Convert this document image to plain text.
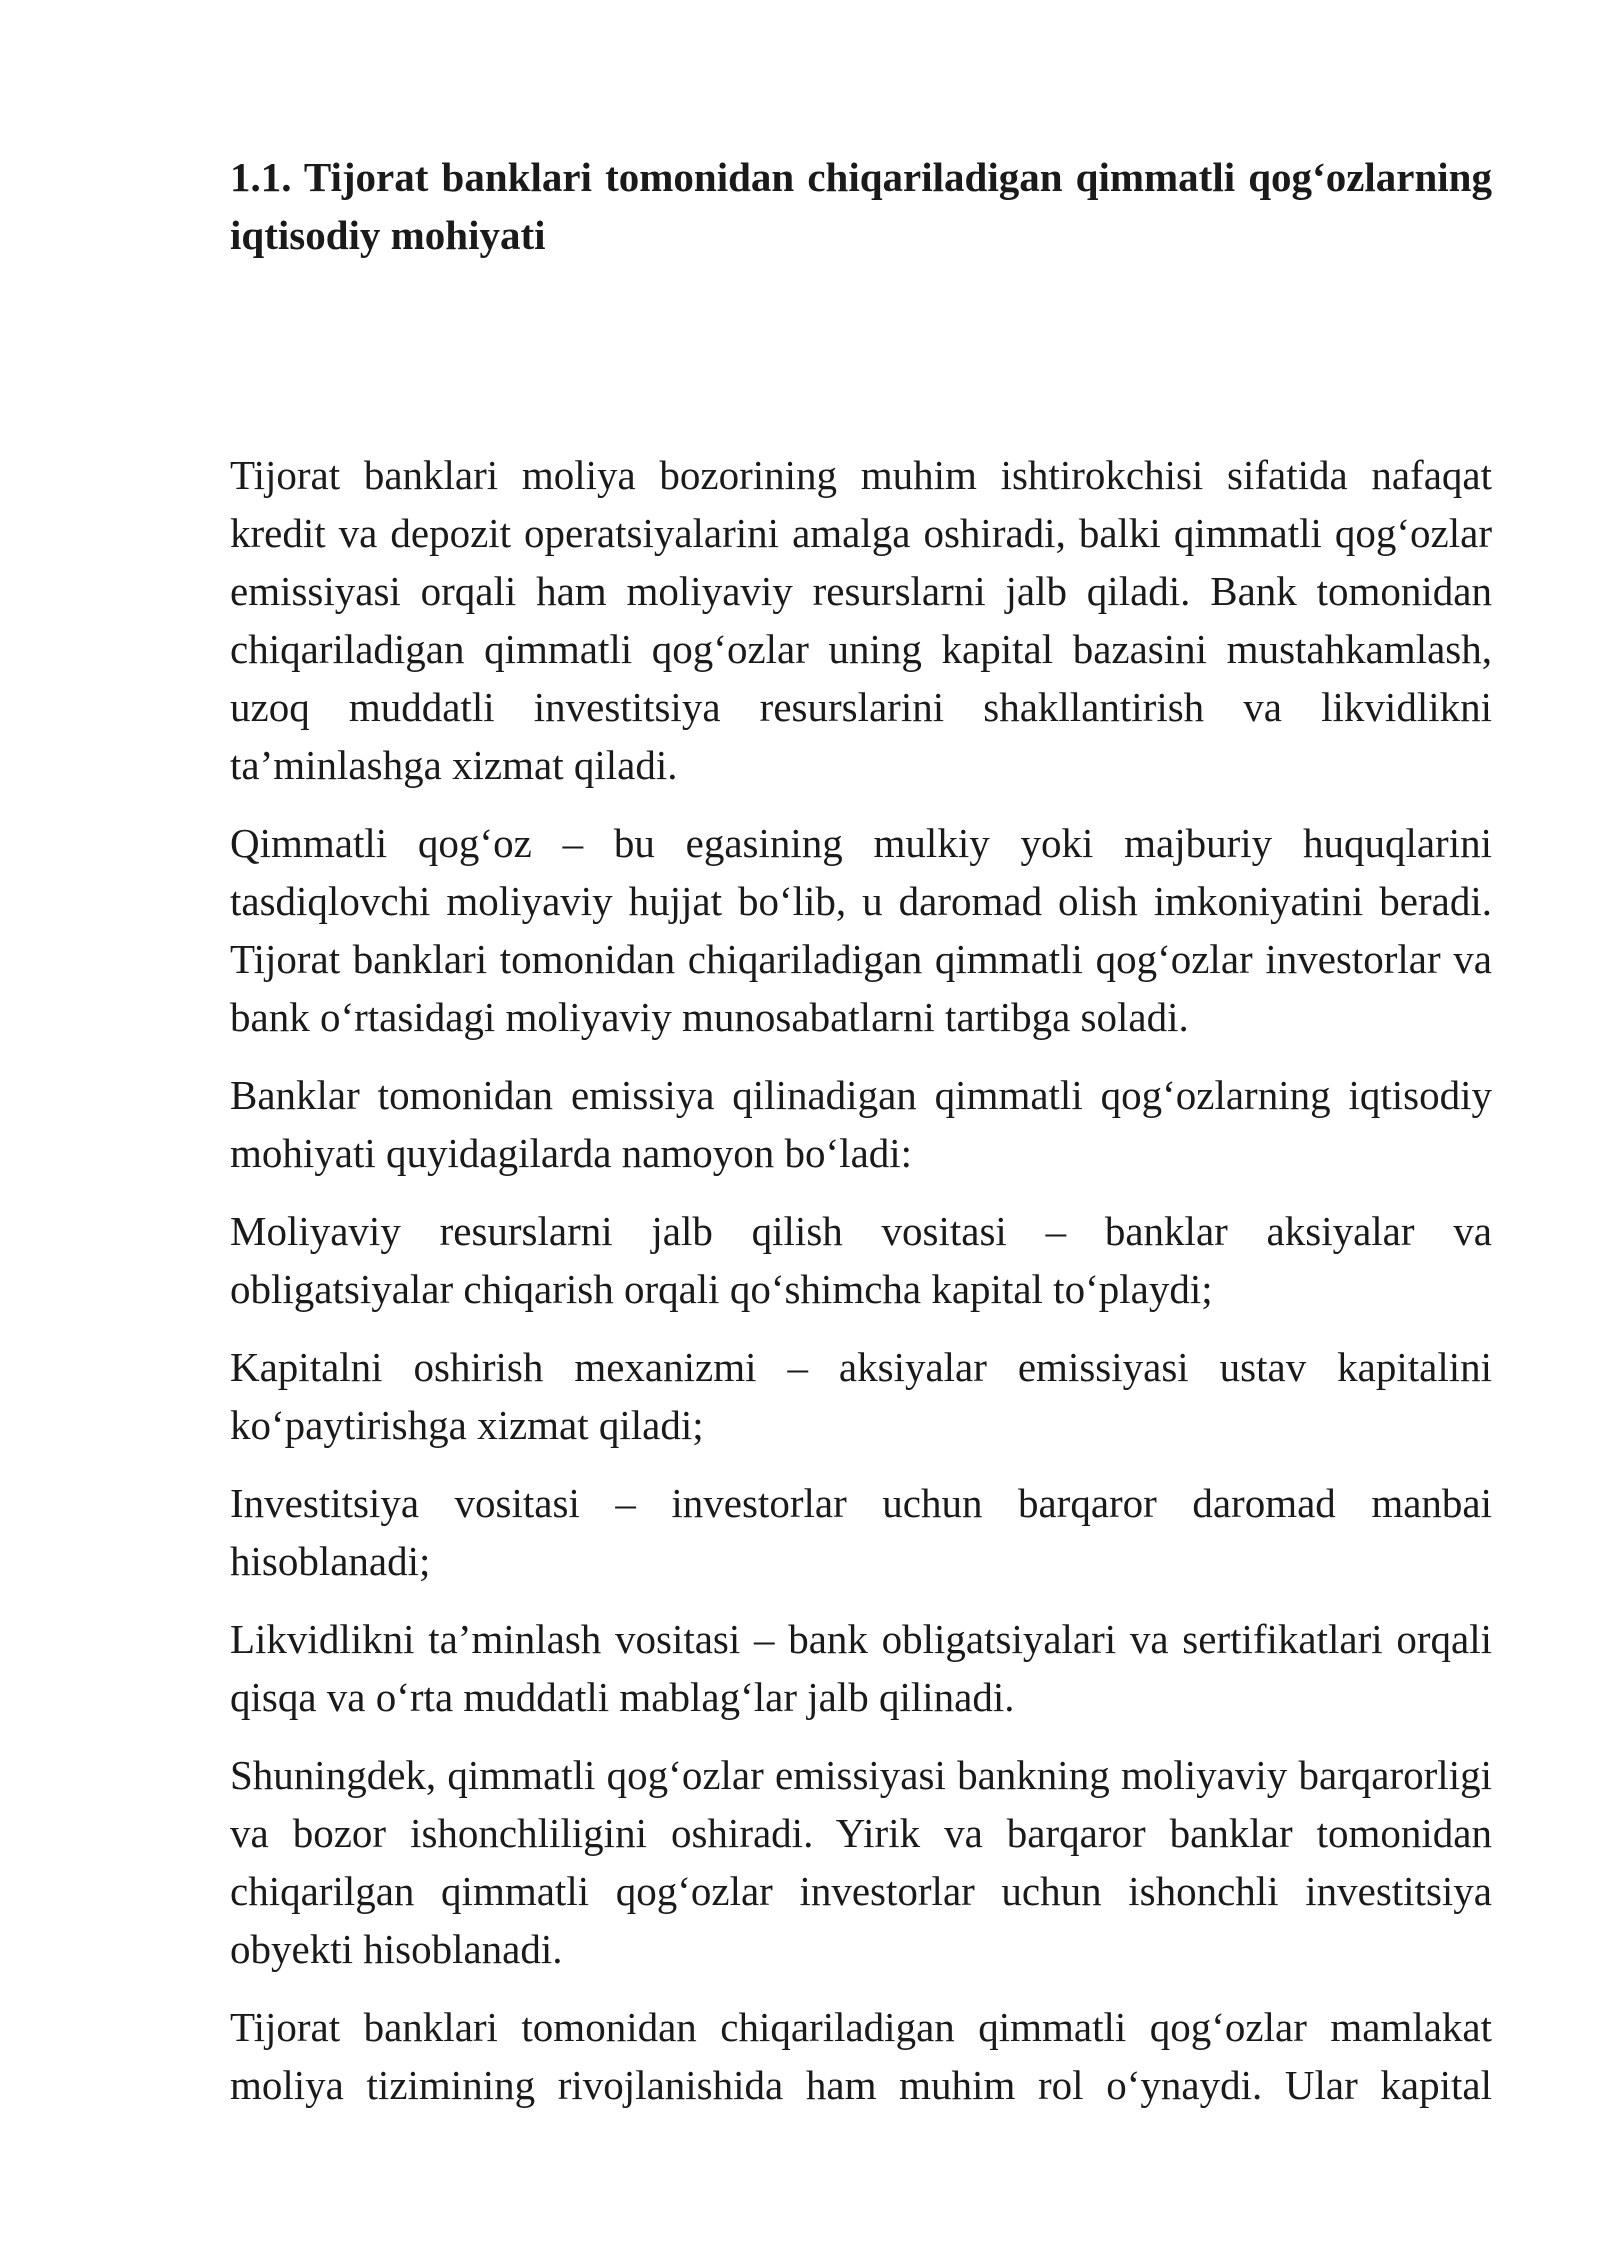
1.1. Tijorat banklari tomonidan chiqariladigan qimmatli qog‘ozlarning iqtisodiy mohiyati

Tijorat banklari moliya bozorining muhim ishtirokchisi sifatida nafaqat kredit va depozit operatsiyalarini amalga oshiradi, balki qimmatli qog‘ozlar emissiyasi orqali ham moliyaviy resurslarni jalb qiladi. Bank tomonidan chiqariladigan qimmatli qog‘ozlar uning kapital bazasini mustahkamlash, uzoq muddatli investitsiya resurslarini shakllantirish va likvidlikni ta’minlashga xizmat qiladi.

Qimmatli qog‘oz – bu egasining mulkiy yoki majburiy huquqlarini tasdiqlovchi moliyaviy hujjat bo‘lib, u daromad olish imkoniyatini beradi. Tijorat banklari tomonidan chiqariladigan qimmatli qog‘ozlar investorlar va bank o‘rtasidagi moliyaviy munosabatlarni tartibga soladi.

Banklar tomonidan emissiya qilinadigan qimmatli qog‘ozlarning iqtisodiy mohiyati quyidagilarda namoyon bo‘ladi:

Moliyaviy resurslarni jalb qilish vositasi – banklar aksiyalar va obligatsiyalar chiqarish orqali qo‘shimcha kapital to‘playdi;

Kapitalni oshirish mexanizmi – aksiyalar emissiyasi ustav kapitalini ko‘paytirishga xizmat qiladi;

Investitsiya vositasi – investorlar uchun barqaror daromad manbai hisoblanadi;

Likvidlikni ta’minlash vositasi – bank obligatsiyalari va sertifikatlari orqali qisqa va o‘rta muddatli mablag‘lar jalb qilinadi.

Shuningdek, qimmatli qog‘ozlar emissiyasi bankning moliyaviy barqarorligi va bozor ishonchliligini oshiradi. Yirik va barqaror banklar tomonidan chiqarilgan qimmatli qog‘ozlar investorlar uchun ishonchli investitsiya obyekti hisoblanadi.

Tijorat banklari tomonidan chiqariladigan qimmatli qog‘ozlar mamlakat moliya tizimining rivojlanishida ham muhim rol o‘ynaydi. Ular kapital
